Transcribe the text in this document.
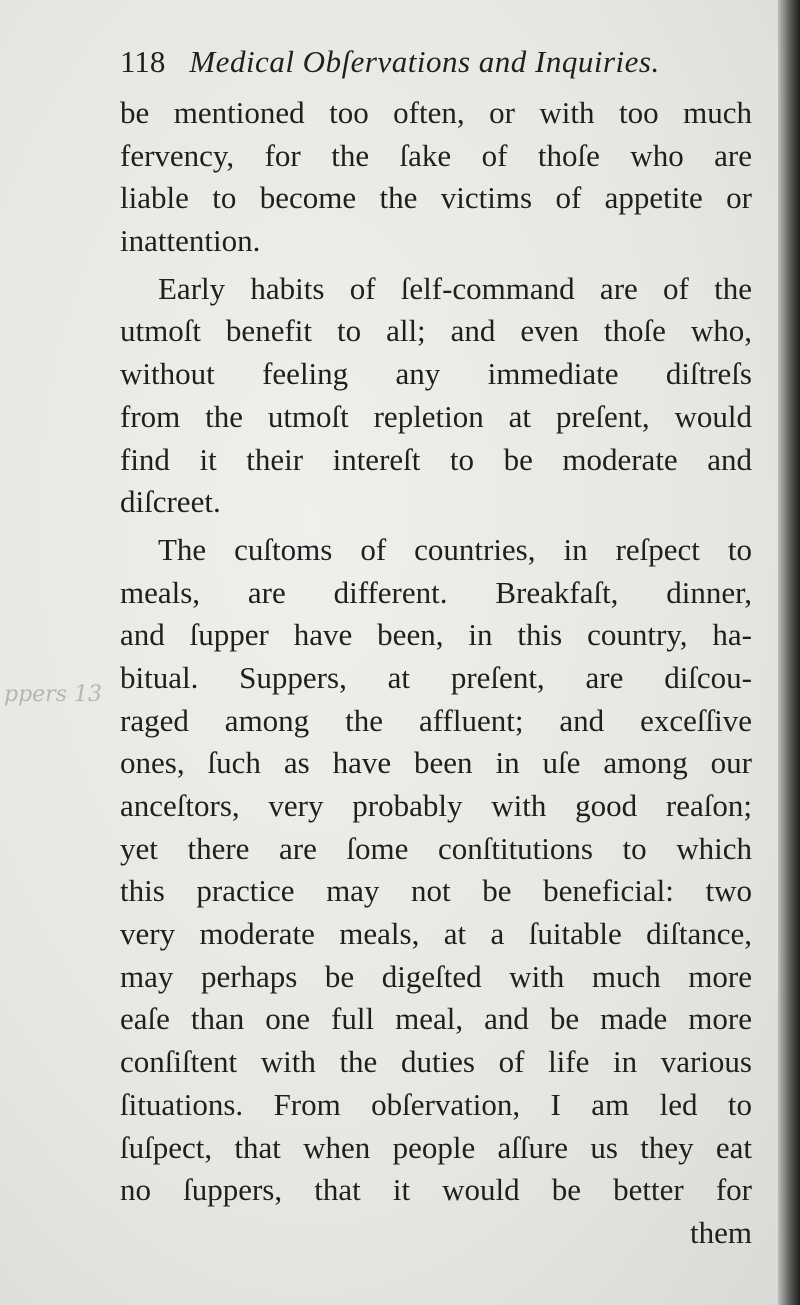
ppers 13
118 Medical Obſervations and Inquiries.
be mentioned too often, or with too much
fervency, for the ſake of thoſe who are
liable to become the victims of appetite or
inattention.
Early habits of ſelf-command are of the
utmoſt benefit to all; and even thoſe who,
without feeling any immediate diſtreſs
from the utmoſt repletion at preſent, would
find it their intereſt to be moderate and
diſcreet.
The cuſtoms of countries, in reſpect to
meals, are different. Breakfaſt, dinner,
and ſupper have been, in this country, ha-
bitual. Suppers, at preſent, are diſcou-
raged among the affluent; and exceſſive
ones, ſuch as have been in uſe among our
anceſtors, very probably with good reaſon;
yet there are ſome conſtitutions to which
this practice may not be beneficial: two
very moderate meals, at a ſuitable diſtance,
may perhaps be digeſted with much more
eaſe than one full meal, and be made more
conſiſtent with the duties of life in various
ſituations. From obſervation, I am led to
ſuſpect, that when people aſſure us they eat
no ſuppers, that it would be better for
them
